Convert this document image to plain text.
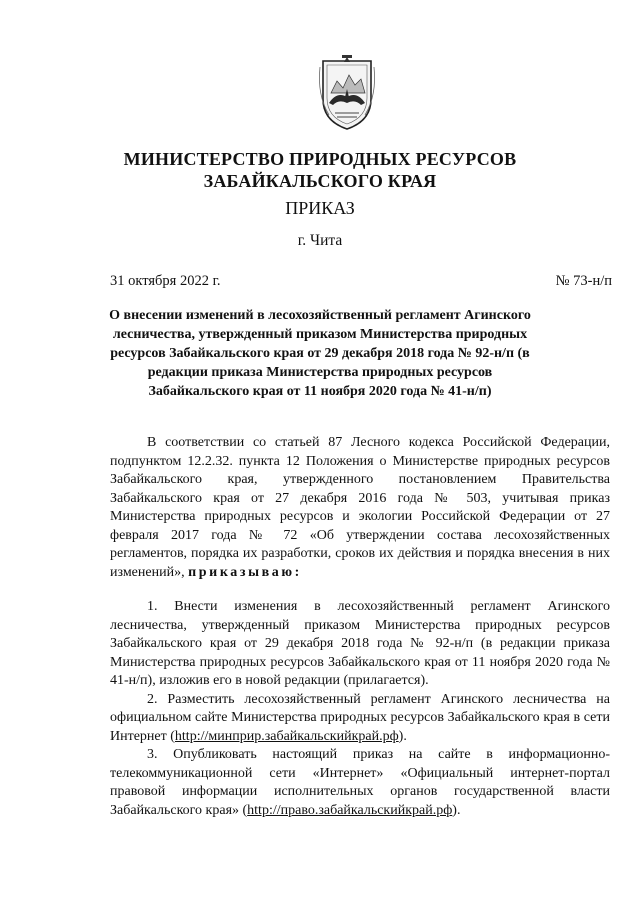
МИНИСТЕРСТВО ПРИРОДНЫХ РЕСУРСОВ
ЗАБАЙКАЛЬСКОГО КРАЯ
ПРИКАЗ
г. Чита
31 октября 2022 г.	№ 73-н/п
О внесении изменений в лесохозяйственный регламент Агинского лесничества, утвержденный приказом Министерства природных ресурсов Забайкальского края от 29 декабря 2018 года № 92-н/п (в редакции приказа Министерства природных ресурсов Забайкальского края от 11 ноября 2020 года № 41-н/п)

В соответствии со статьей 87 Лесного кодекса Российской Федерации, подпунктом 12.2.32. пункта 12 Положения о Министерстве природных ресурсов Забайкальского края, утвержденного постановлением Правительства Забайкальского края от 27 декабря 2016 года № 503, учитывая приказ Министерства природных ресурсов и экологии Российской Федерации от 27 февраля 2017 года № 72 «Об утверждении состава лесохозяйственных регламентов, порядка их разработки, сроков их действия и порядка внесения в них изменений», приказываю:

1. Внести изменения в лесохозяйственный регламент Агинского лесничества, утвержденный приказом Министерства природных ресурсов Забайкальского края от 29 декабря 2018 года № 92-н/п (в редакции приказа Министерства природных ресурсов Забайкальского края от 11 ноября 2020 года № 41-н/п), изложив его в новой редакции (прилагается).

2. Разместить лесохозяйственный регламент Агинского лесничества на официальном сайте Министерства природных ресурсов Забайкальского края в сети Интернет (http://минприр.забайкальскийкрай.рф).

3. Опубликовать настоящий приказ на сайте в информационно-телекоммуникационной сети «Интернет» «Официальный интернет-портал правовой информации исполнительных органов государственной власти Забайкальского края» (http://право.забайкальскийкрай.рф).
